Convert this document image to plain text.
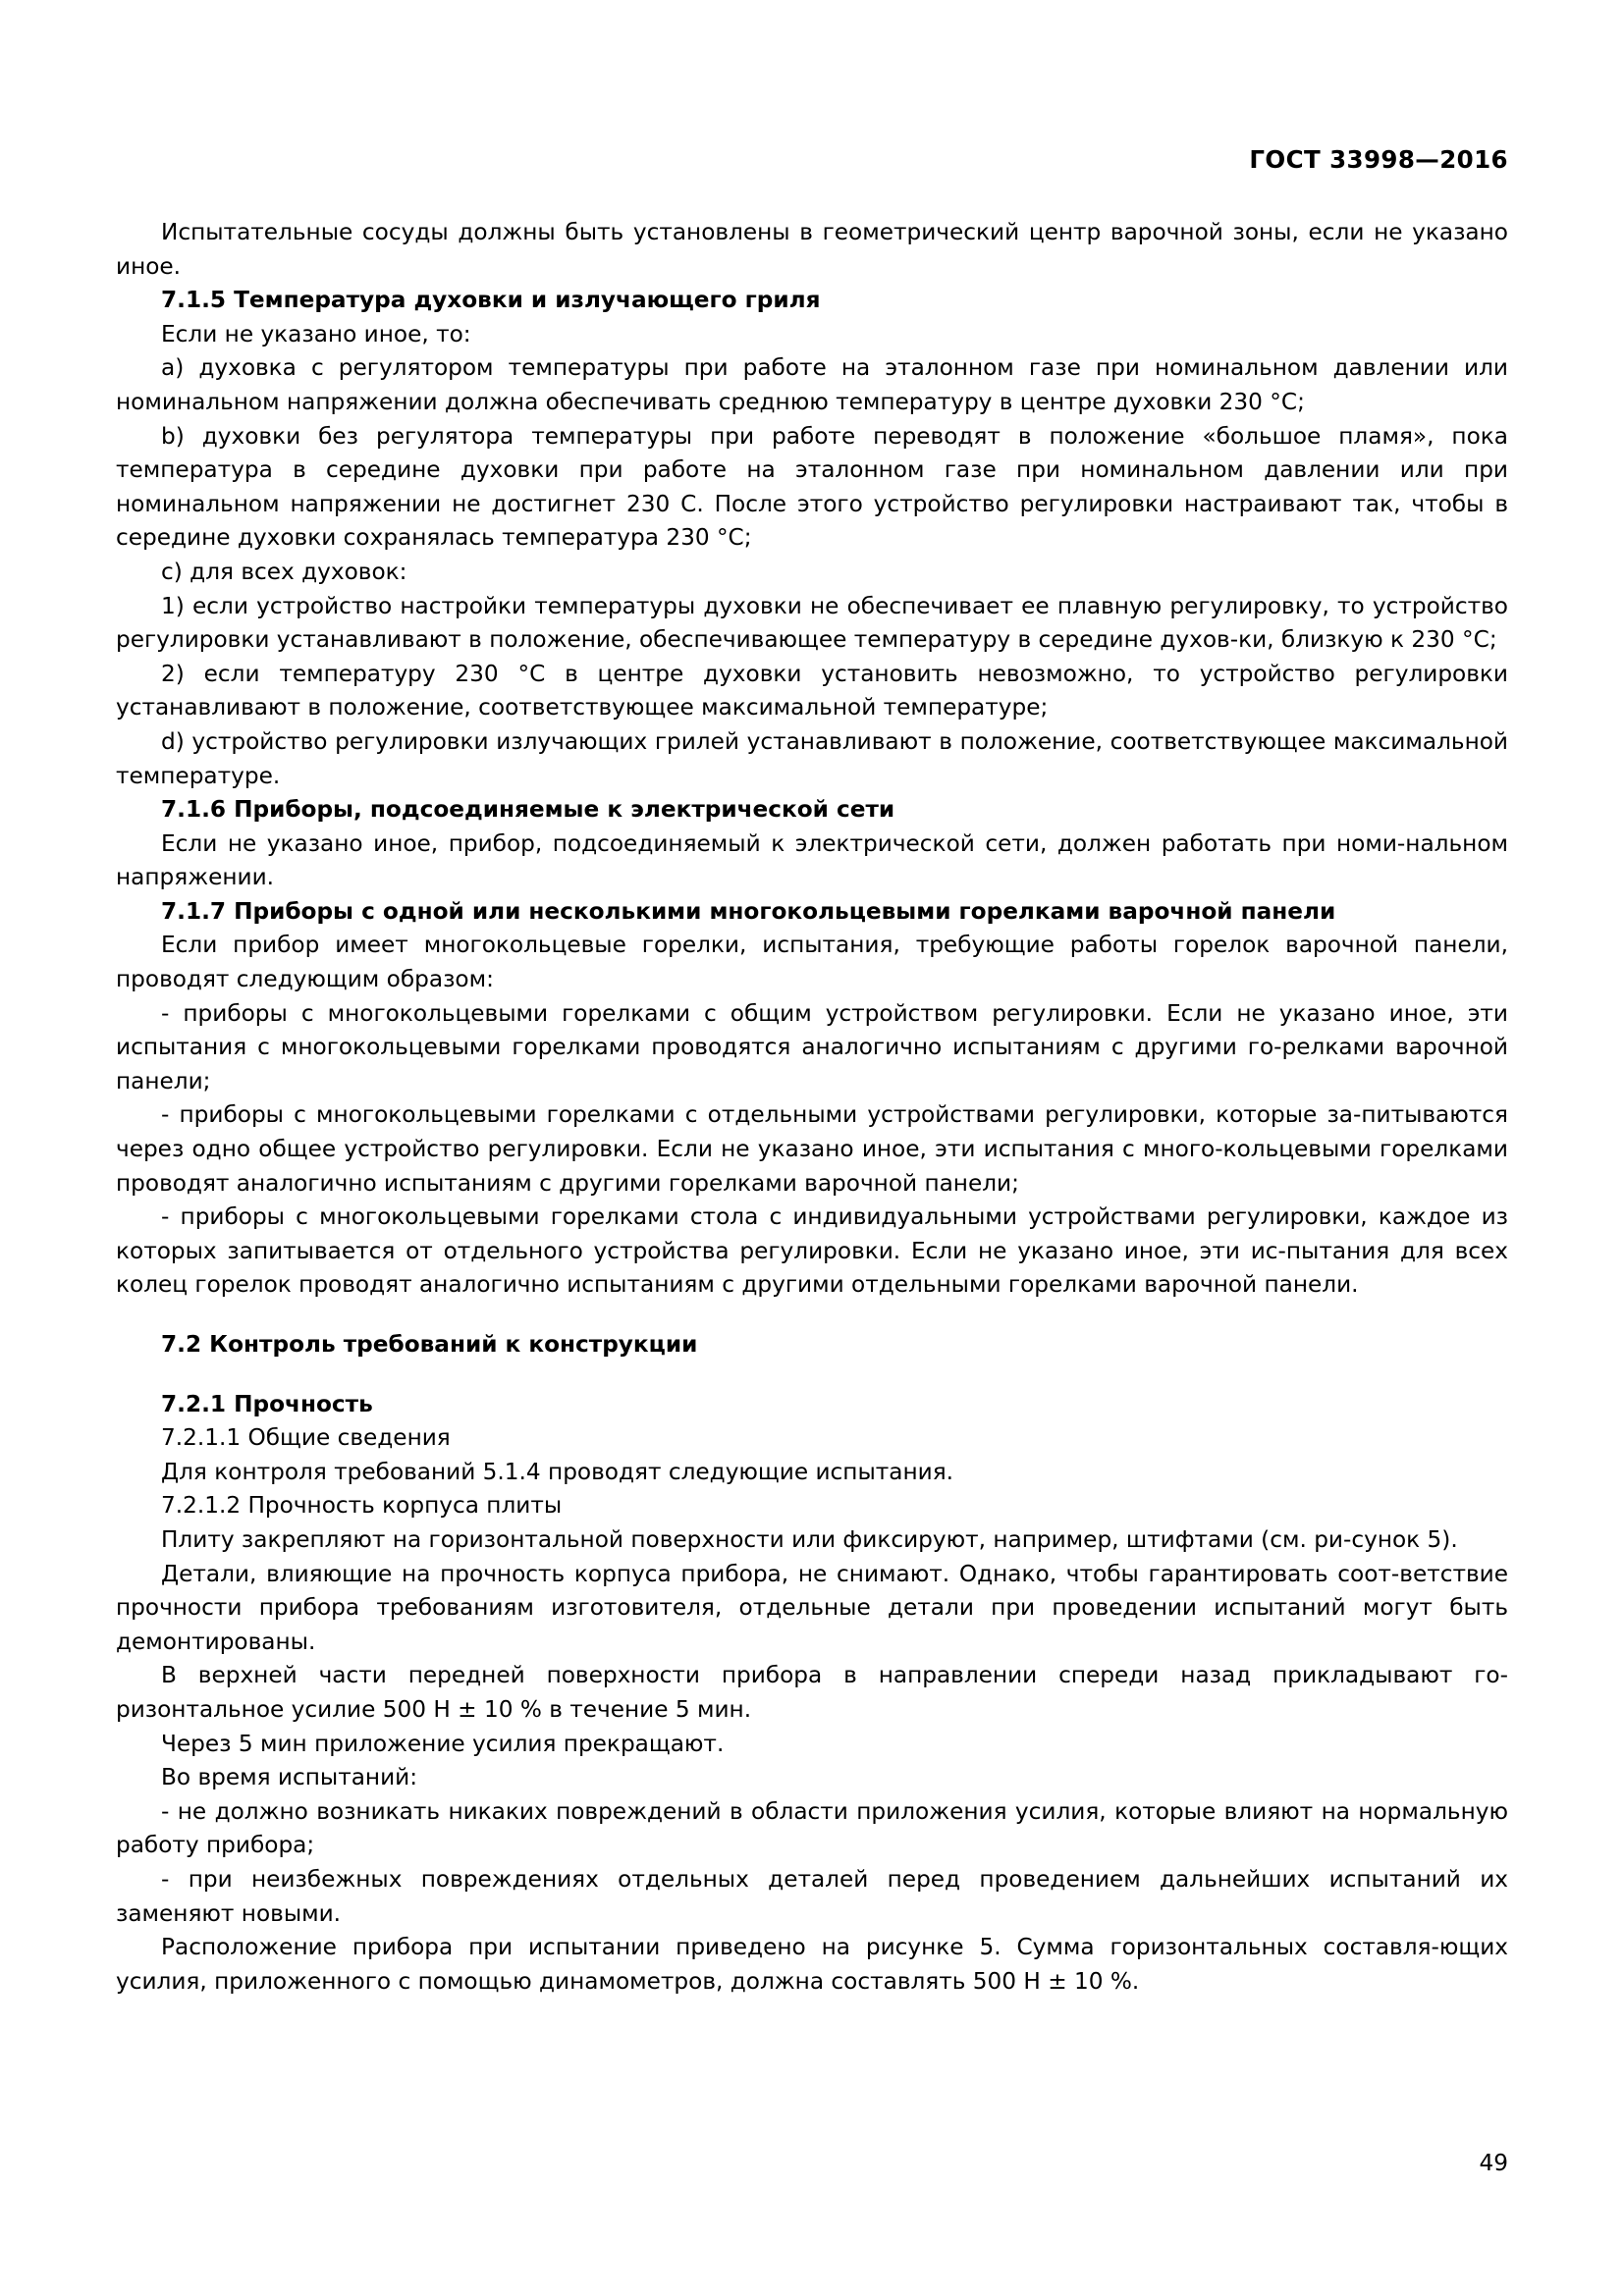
ГОСТ 33998—2016

Испытательные сосуды должны быть установлены в геометрический центр варочной зоны, если не указано иное.

7.1.5 Температура духовки и излучающего гриля

Если не указано иное, то:

a) духовка с регулятором температуры при работе на эталонном газе при номинальном давлении или номинальном напряжении должна обеспечивать среднюю температуру в центре духовки 230 °C;

b) духовки без регулятора температуры при работе переводят в положение «большое пламя», пока температура в середине духовки при работе на эталонном газе при номинальном давлении или при номинальном напряжении не достигнет 230 С. После этого устройство регулировки настраивают так, чтобы в середине духовки сохранялась температура 230 °C;

c) для всех духовок:

1) если устройство настройки температуры духовки не обеспечивает ее плавную регулировку, то устройство регулировки устанавливают в положение, обеспечивающее температуру в середине духов-ки, близкую к 230 °C;

2) если температуру 230 °C в центре духовки установить невозможно, то устройство регулировки устанавливают в положение, соответствующее максимальной температуре;

d) устройство регулировки излучающих грилей устанавливают в положение, соответствующее максимальной температуре.

7.1.6 Приборы, подсоединяемые к электрической сети

Если не указано иное, прибор, подсоединяемый к электрической сети, должен работать при номи-нальном напряжении.

7.1.7 Приборы с одной или несколькими многокольцевыми горелками варочной панели

Если прибор имеет многокольцевые горелки, испытания, требующие работы горелок варочной панели, проводят следующим образом:

- приборы с многокольцевыми горелками с общим устройством регулировки. Если не указано иное, эти испытания с многокольцевыми горелками проводятся аналогично испытаниям с другими го-релками варочной панели;

- приборы с многокольцевыми горелками с отдельными устройствами регулировки, которые за-питываются через одно общее устройство регулировки. Если не указано иное, эти испытания с много-кольцевыми горелками проводят аналогично испытаниям с другими горелками варочной панели;

- приборы с многокольцевыми горелками стола с индивидуальными устройствами регулировки, каждое из которых запитывается от отдельного устройства регулировки. Если не указано иное, эти ис-пытания для всех колец горелок проводят аналогично испытаниям с другими отдельными горелками варочной панели.

7.2 Контроль требований к конструкции

7.2.1 Прочность

7.2.1.1 Общие сведения

Для контроля требований 5.1.4 проводят следующие испытания.

7.2.1.2 Прочность корпуса плиты

Плиту закрепляют на горизонтальной поверхности или фиксируют, например, штифтами (см. ри-сунок 5).

Детали, влияющие на прочность корпуса прибора, не снимают. Однако, чтобы гарантировать соот-ветствие прочности прибора требованиям изготовителя, отдельные детали при проведении испытаний могут быть демонтированы.

В верхней части передней поверхности прибора в направлении спереди назад прикладывают го-ризонтальное усилие 500 Н ± 10 % в течение 5 мин.

Через 5 мин приложение усилия прекращают.

Во время испытаний:

- не должно возникать никаких повреждений в области приложения усилия, которые влияют на нормальную работу прибора;

- при неизбежных повреждениях отдельных деталей перед проведением дальнейших испытаний их заменяют новыми.

Расположение прибора при испытании приведено на рисунке 5. Сумма горизонтальных составля-ющих усилия, приложенного с помощью динамометров, должна составлять 500 Н ± 10 %.

49
